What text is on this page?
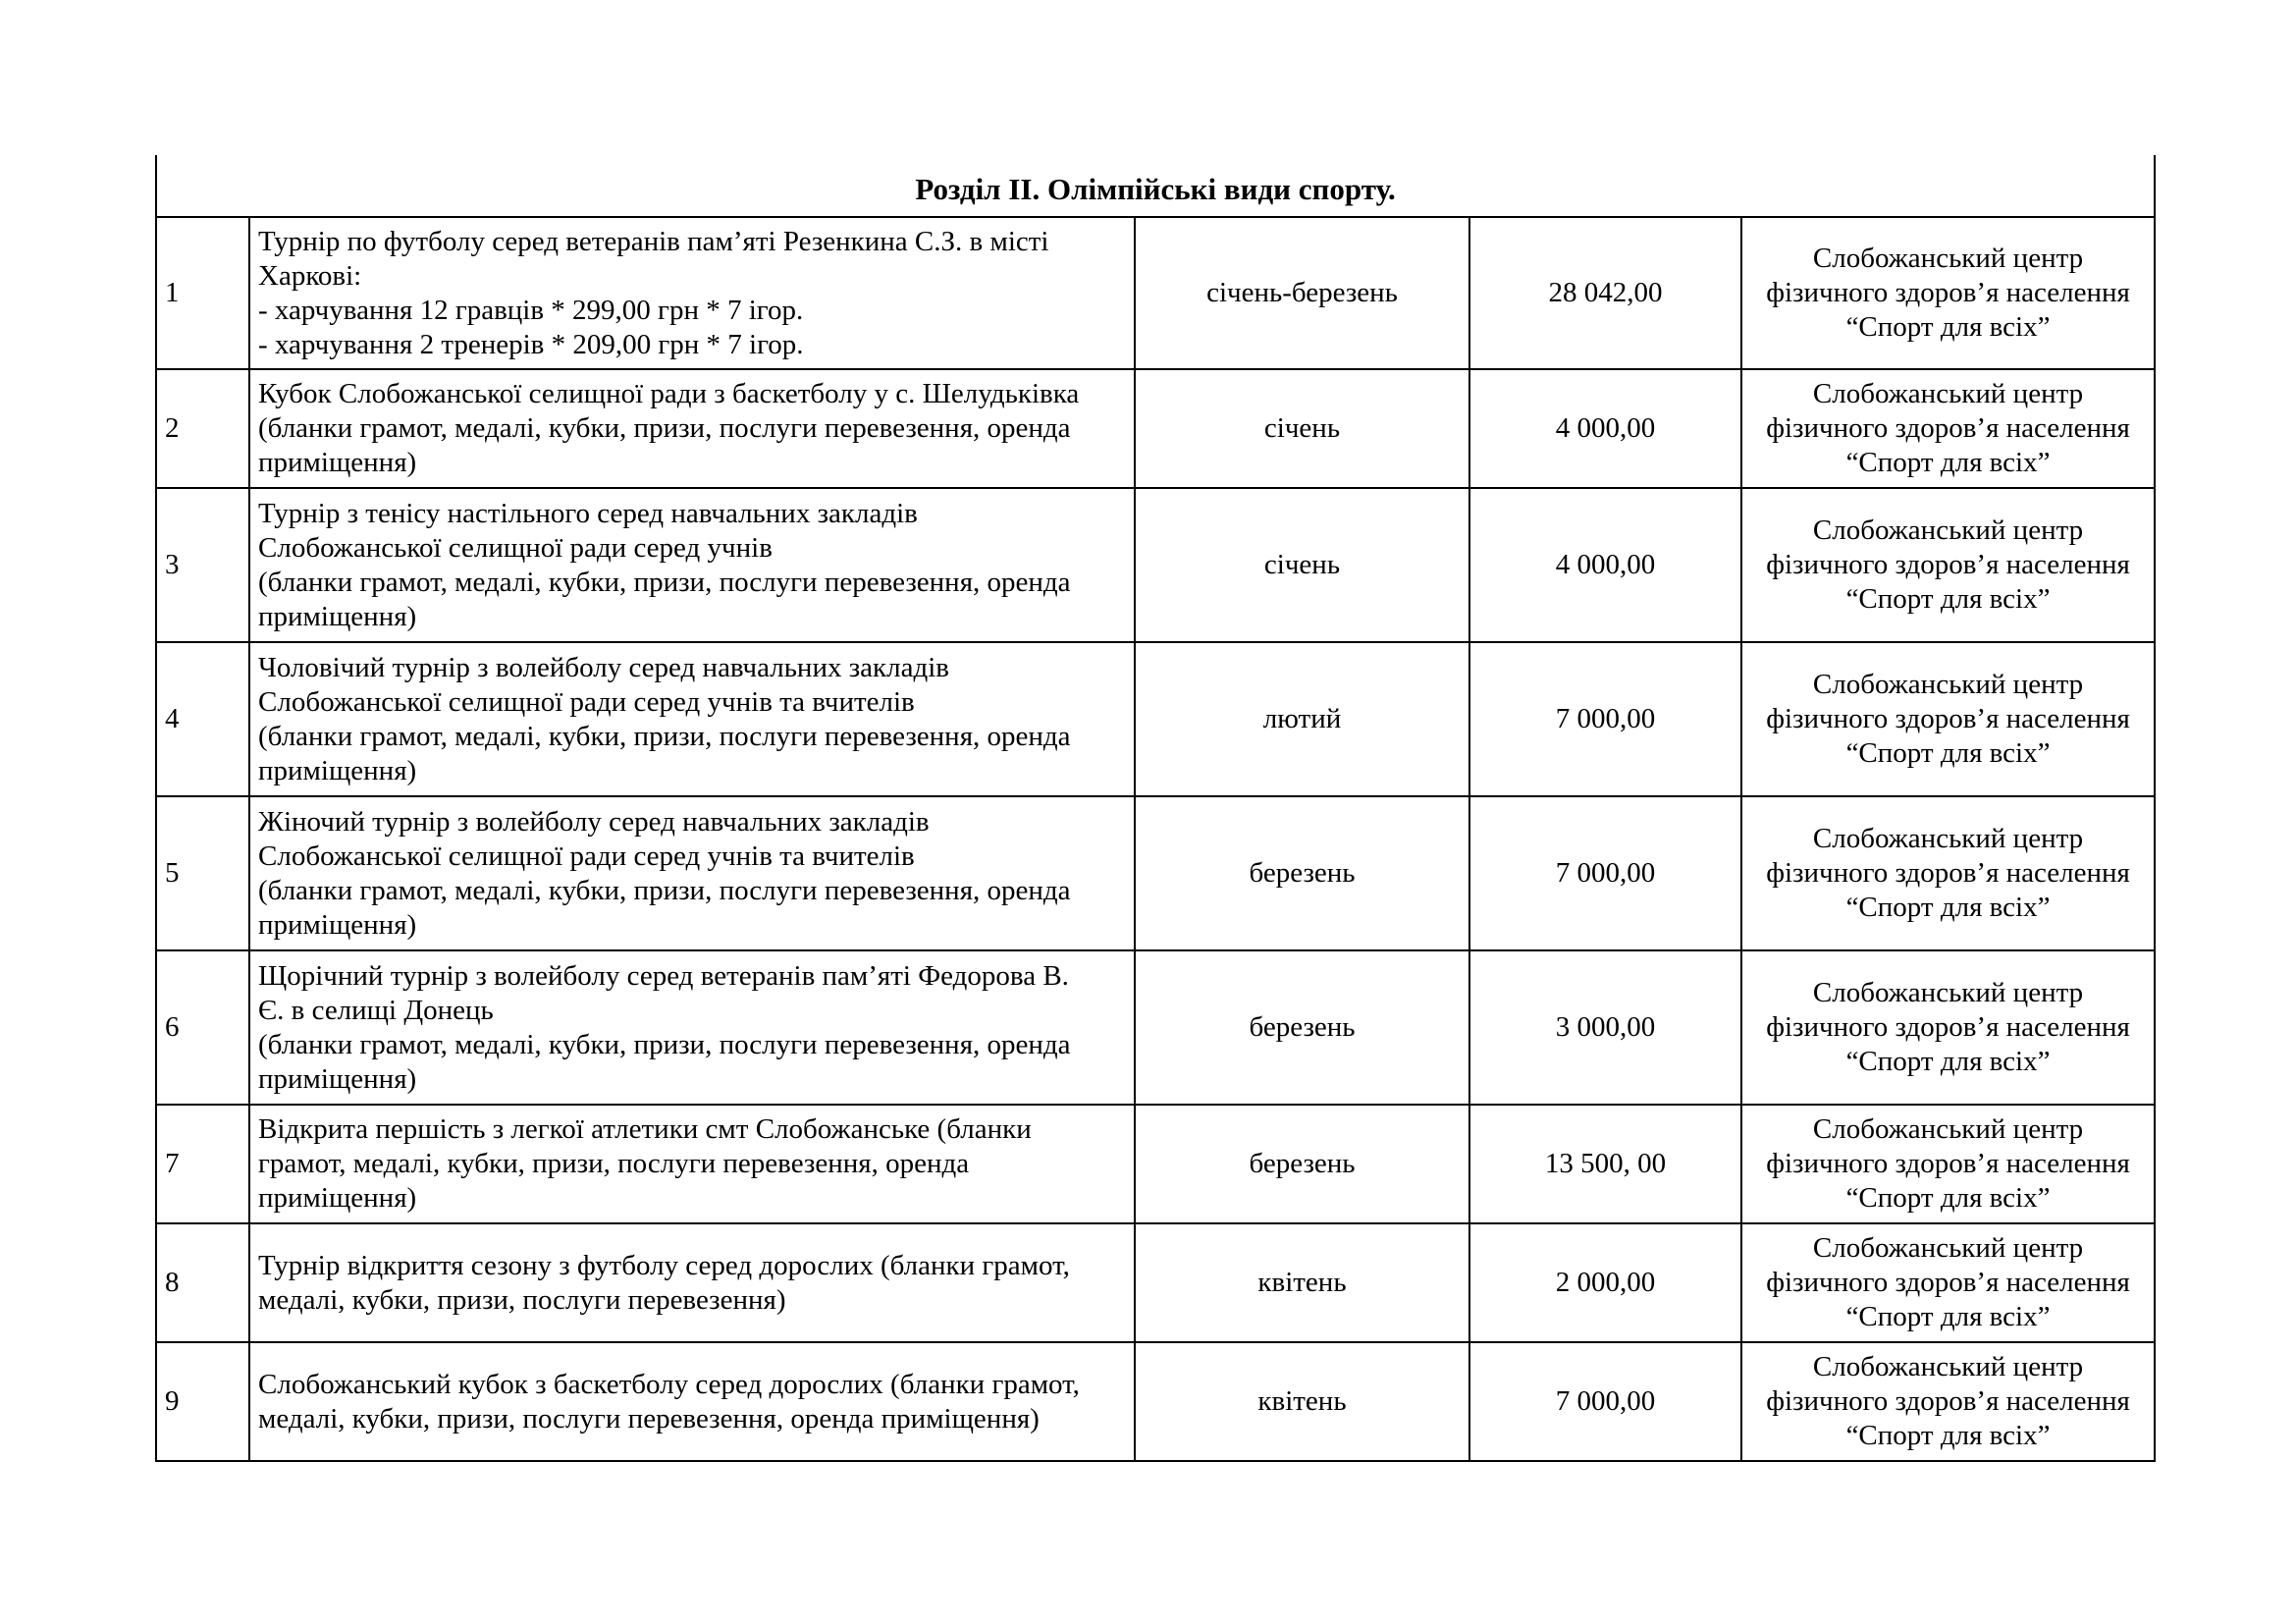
Розділ ІІ. Олімпійські види спорту.				
1	Турнір по футболу серед ветеранів пам’яті Резенкина С.З. в місті
Харкові:
- харчування 12 гравців * 299,00 грн * 7 ігор.
- харчування 2 тренерів * 209,00 грн * 7 ігор.	січень-березень	28 042,00	Слобожанський центр
фізичного здоров’я населення
“Спорт для всіх”

2	Кубок Слобожанської селищної ради з баскетболу у с. Шелудьківка
(бланки грамот, медалі, кубки, призи, послуги перевезення, оренда
приміщення)	січень	4 000,00	Слобожанський центр
фізичного здоров’я населення
“Спорт для всіх”

3	Турнір з тенісу настільного серед навчальних закладів
Слобожанської селищної ради серед учнів
(бланки грамот, медалі, кубки, призи, послуги перевезення, оренда
приміщення)	січень	4 000,00	Слобожанський центр
фізичного здоров’я населення
“Спорт для всіх”

4	Чоловічий турнір з волейболу серед навчальних закладів
Слобожанської селищної ради серед учнів та вчителів
(бланки грамот, медалі, кубки, призи, послуги перевезення, оренда
приміщення)	лютий	7 000,00	Слобожанський центр
фізичного здоров’я населення
“Спорт для всіх”

5	Жіночий турнір з волейболу серед навчальних закладів
Слобожанської селищної ради серед учнів та вчителів
(бланки грамот, медалі, кубки, призи, послуги перевезення, оренда
приміщення)	березень	7 000,00	Слобожанський центр
фізичного здоров’я населення
“Спорт для всіх”

6	Щорічний турнір з волейболу серед ветеранів пам’яті Федорова В.
Є. в селищі Донець
(бланки грамот, медалі, кубки, призи, послуги перевезення, оренда
приміщення)	березень	3 000,00	Слобожанський центр
фізичного здоров’я населення
“Спорт для всіх”

7	Відкрита першість з легкої атлетики смт Слобожанське (бланки
грамот, медалі, кубки, призи, послуги перевезення, оренда
приміщення)	березень	13 500, 00	Слобожанський центр
фізичного здоров’я населення
“Спорт для всіх”

8	Турнір відкриття сезону з футболу серед дорослих (бланки грамот,
медалі, кубки, призи, послуги перевезення)	квітень	2 000,00	Слобожанський центр
фізичного здоров’я населення
“Спорт для всіх”

9	Слобожанський кубок з баскетболу серед дорослих (бланки грамот,
медалі, кубки, призи, послуги перевезення, оренда приміщення)	квітень	7 000,00	Слобожанський центр
фізичного здоров’я населення
“Спорт для всіх”
